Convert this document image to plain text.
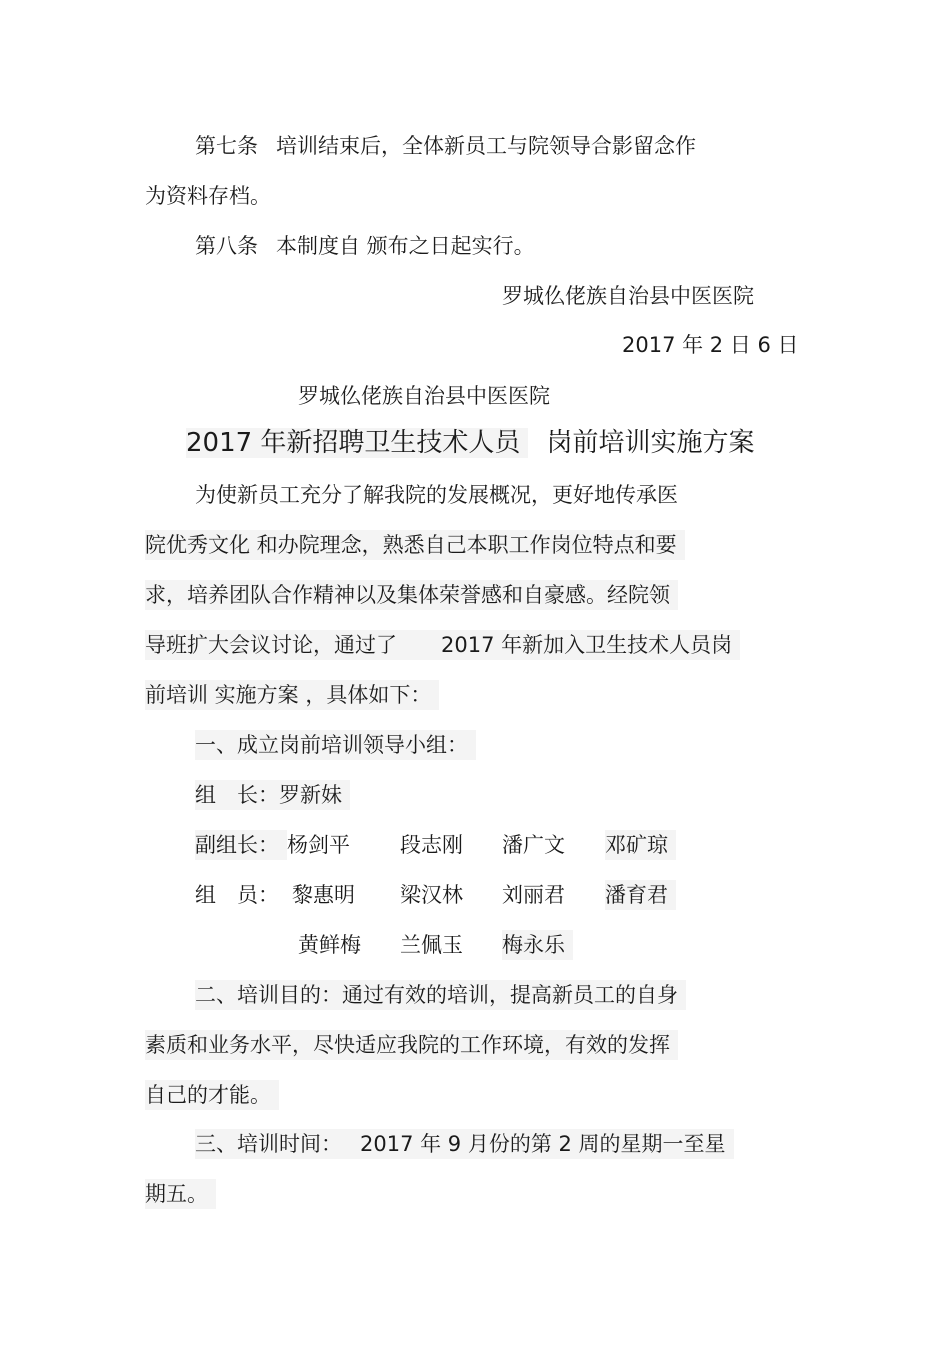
第七条 培训结束后，全体新员工与院领导合影留念作
为资料存档。
第八条 本制度自 颁布之日起实行。
罗城仫佬族自治县中医医院
2017 年 2 日 6 日
罗城仫佬族自治县中医医院
2017 年新招聘卫生技术人员 岗前培训实施方案
为使新员工充分了解我院的发展概况，更好地传承医
院优秀文化 和办院理念，熟悉自己本职工作岗位特点和要
求，培养团队合作精神以及集体荣誉感和自豪感。经院领
导班扩大会议讨论，通过了 2017 年新加入卫生技术人员岗
前培训 实施方案 ，具体如下：
一、成立岗前培训领导小组：
组　长：罗新妹
副组长： 杨剑平 段志刚 潘广文 邓矿琼
组　员： 黎惠明 梁汉林 刘丽君 潘育君
黄鲜梅 兰佩玉 梅永乐
二、培训目的：通过有效的培训，提高新员工的自身
素质和业务水平，尽快适应我院的工作环境，有效的发挥
自己的才能。
三、培训时间： 2017 年 9 月份的第 2 周的星期一至星
期五。
